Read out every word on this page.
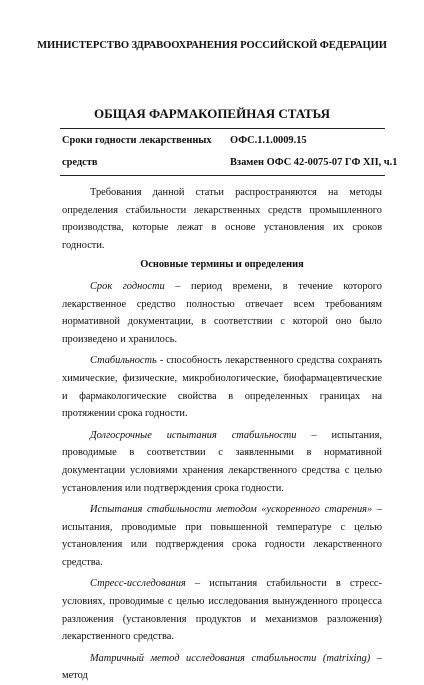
МИНИСТЕРСТВО ЗДРАВООХРАНЕНИЯ РОССИЙСКОЙ ФЕДЕРАЦИИ
ОБЩАЯ ФАРМАКОПЕЙНАЯ СТАТЬЯ
Сроки годности лекарственных
средств
ОФС.1.1.0009.15
Взамен ОФС 42-0075-07 ГФ XII, ч.1

Требования данной статьи распространяются на методы определения стабильности лекарственных средств промышленного производства, которые лежат в основе установления их сроков годности.

Основные термины и определения

Срок годности – период времени, в течение которого лекарственное средство полностью отвечает всем требованиям нормативной документации, в соответствии с которой оно было произведено и хранилось.

Стабильность - способность лекарственного средства сохранять химические, физические, микробиологические, биофармацевтические и фармакологические свойства в определенных границах на протяжении срока годности.

Долгосрочные испытания стабильности – испытания, проводимые в соответствии с заявленными в нормативной документации условиями хранения лекарственного средства с целью установления или подтверждения срока годности.

Испытания стабильности методом «ускоренного старения» – испытания, проводимые при повышенной температуре с целью установления или подтверждения срока годности лекарственного средства.

Стресс-исследования – испытания стабильности в стресс-условиях, проводимые с целью исследования вынужденного процесса разложения (установления продуктов и механизмов разложения) лекарственного средства.

Матричный метод исследования стабильности (matrixing) – метод
